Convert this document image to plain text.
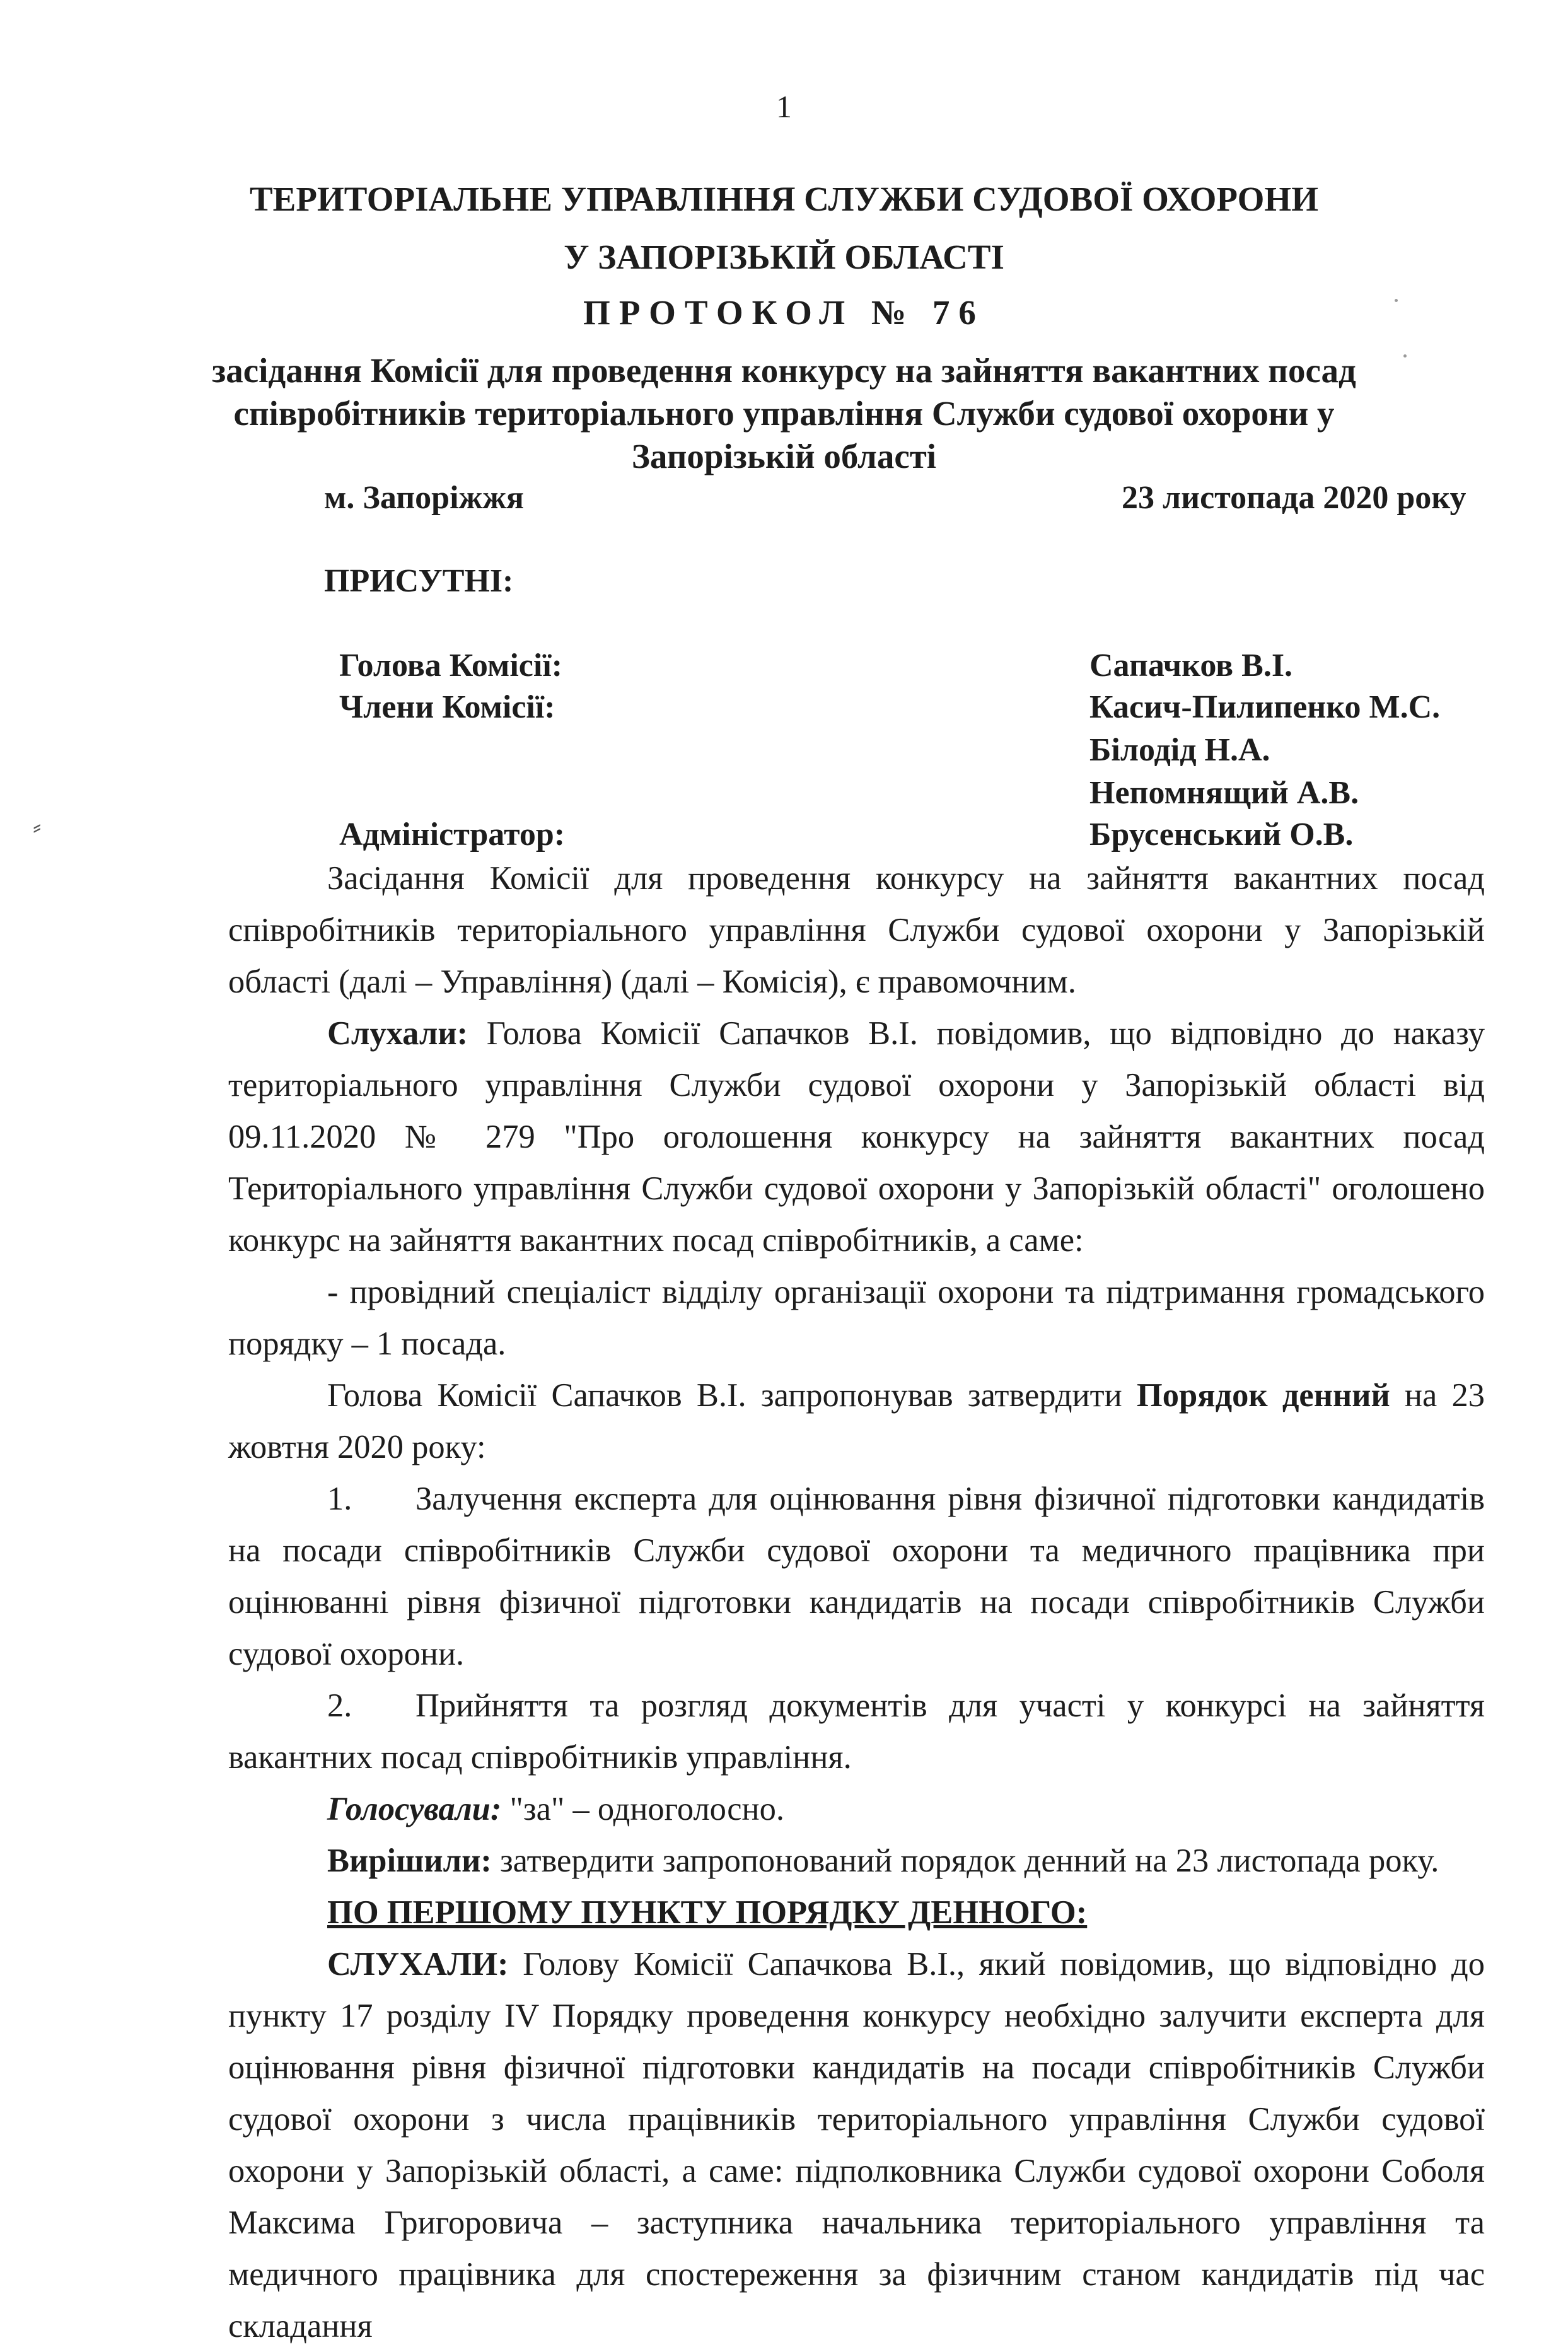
1
ТЕРИТОРІАЛЬНЕ УПРАВЛІННЯ СЛУЖБИ СУДОВОЇ ОХОРОНИ
У ЗАПОРІЗЬКІЙ ОБЛАСТІ
ПРОТОКОЛ № 76
засідання Комісії для проведення конкурсу на зайняття вакантних посад
співробітників територіального управління Служби судової охорони у
Запорізькій області
м. Запоріжжя	23 листопада 2020 року
ПРИСУТНІ:
Голова Комісії:	Сапачков В.І.
Члени Комісії:	Касич-Пилипенко М.С.
Білодід Н.А.
Непомнящий А.В.
Адміністратор:	Брусенський О.В.

Засідання Комісії для проведення конкурсу на зайняття вакантних посад співробітників територіального управління Служби судової охорони у Запорізькій області (далі – Управління) (далі – Комісія), є правомочним.

Слухали: Голова Комісії Сапачков В.І. повідомив, що відповідно до наказу територіального управління Служби судової охорони у Запорізькій області від 09.11.2020 № 279 "Про оголошення конкурсу на зайняття вакантних посад Територіального управління Служби судової охорони у Запорізькій області" оголошено конкурс на зайняття вакантних посад співробітників, а саме:

- провідний спеціаліст відділу організації охорони та підтримання громадського порядку – 1 посада.

Голова Комісії Сапачков В.І. запропонував затвердити Порядок денний на 23 жовтня 2020 року:

1. Залучення експерта для оцінювання рівня фізичної підготовки кандидатів на посади співробітників Служби судової охорони та медичного працівника при оцінюванні рівня фізичної підготовки кандидатів на посади співробітників Служби судової охорони.

2. Прийняття та розгляд документів для участі у конкурсі на зайняття вакантних посад співробітників управління.

Голосували: "за" – одноголосно.

Вирішили: затвердити запропонований порядок денний на 23 листопада року.

ПО ПЕРШОМУ ПУНКТУ ПОРЯДКУ ДЕННОГО:

СЛУХАЛИ: Голову Комісії Сапачкова В.І., який повідомив, що відповідно до пункту 17 розділу IV Порядку проведення конкурсу необхідно залучити експерта для оцінювання рівня фізичної підготовки кандидатів на посади співробітників Служби судової охорони з числа працівників територіального управління Служби судової охорони у Запорізькій області, а саме: підполковника Служби судової охорони Соболя Максима Григоровича – заступника начальника територіального управління та медичного працівника для спостереження за фізичним станом кандидатів під час складання

⸗
